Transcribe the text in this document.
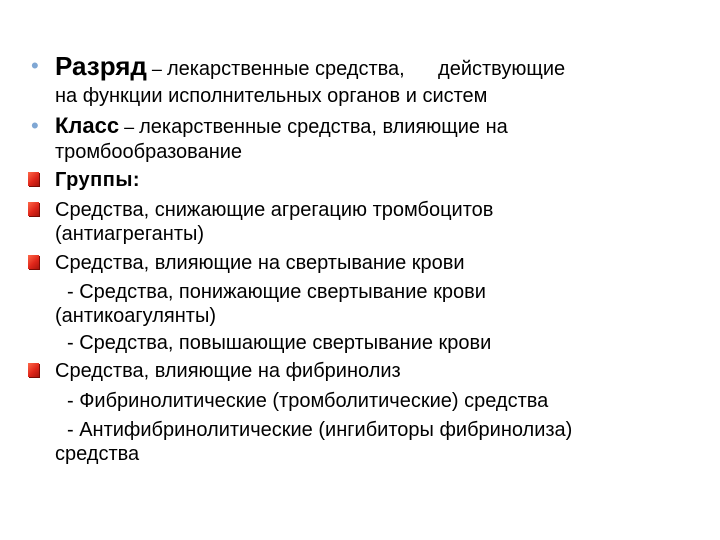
• Разряд – лекарственные средства,      действующие
на функции исполнительных органов и систем
• Класс – лекарственные средства, влияющие на
тромбообразование
Группы:
Средства, снижающие агрегацию тромбоцитов
(антиагреганты)
Средства, влияющие на свертывание крови
- Средства, понижающие свертывание крови
(антикоагулянты)
- Средства, повышающие свертывание крови
Средства, влияющие на фибринолиз
- Фибринолитические (тромболитические) средства
- Антифибринолитические (ингибиторы фибринолиза)
средства
